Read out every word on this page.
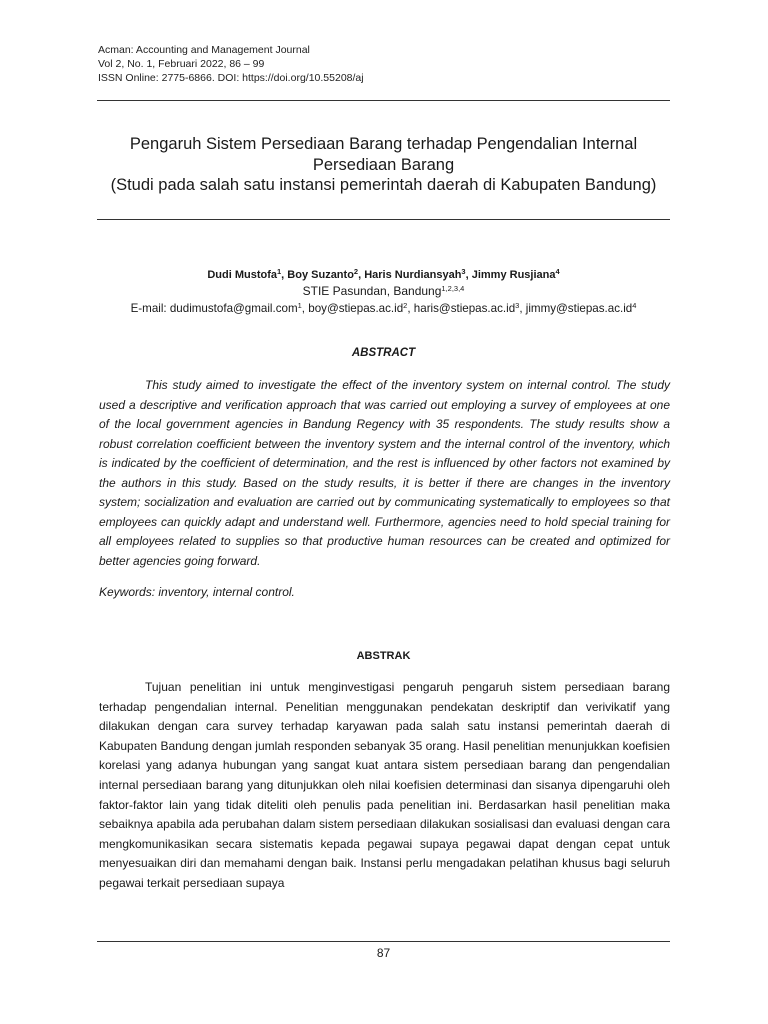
Acman: Accounting and Management Journal
Vol 2, No. 1, Februari 2022, 86 – 99
ISSN Online: 2775-6866. DOI: https://doi.org/10.55208/aj
Pengaruh Sistem Persediaan Barang terhadap Pengendalian Internal
Persediaan Barang
(Studi pada salah satu instansi pemerintah daerah di Kabupaten Bandung)
Dudi Mustofa$^1$, Boy Suzanto$^2$, Haris Nurdiansyah$^3$, Jimmy Rusjiana$^4$
STIE Pasundan, Bandung$^{1,2,3,4}$
E-mail: dudimustofa@gmail.com$^1$, $boy@stiepas.ac.id^2$, $haris@stiepas.ac.id^3$, $jimmy@stiepas.ac.id^4$
ABSTRACT
This study aimed to investigate the effect of the inventory system on internal control. The study used a descriptive and verification approach that was carried out employing a survey of employees at one of the local government agencies in Bandung Regency with 35 respondents. The study results show a robust correlation coefficient between the inventory system and the internal control of the inventory, which is indicated by the coefficient of determination, and the rest is influenced by other factors not examined by the authors in this study. Based on the study results, it is better if there are changes in the inventory system; socialization and evaluation are carried out by communicating systematically to employees so that employees can quickly adapt and understand well. Furthermore, agencies need to hold special training for all employees related to supplies so that productive human resources can be created and optimized for better agencies going forward.
Keywords: inventory, internal control.
ABSTRAK
Tujuan penelitian ini untuk menginvestigasi pengaruh pengaruh sistem persediaan barang terhadap pengendalian internal. Penelitian menggunakan pendekatan deskriptif dan verivikatif yang dilakukan dengan cara survey terhadap karyawan pada salah satu instansi pemerintah daerah di Kabupaten Bandung dengan jumlah responden sebanyak 35 orang. Hasil penelitian menunjukkan koefisien korelasi yang adanya hubungan yang sangat kuat antara sistem persediaan barang dan pengendalian internal persediaan barang yang ditunjukkan oleh nilai koefisien determinasi dan sisanya dipengaruhi oleh faktor-faktor lain yang tidak diteliti oleh penulis pada penelitian ini. Berdasarkan hasil penelitian maka sebaiknya apabila ada perubahan dalam sistem persediaan dilakukan sosialisasi dan evaluasi dengan cara mengkomunikasikan secara sistematis kepada pegawai supaya pegawai dapat dengan cepat untuk menyesuaikan diri dan memahami dengan baik. Instansi perlu mengadakan pelatihan khusus bagi seluruh pegawai terkait persediaan supaya
87
